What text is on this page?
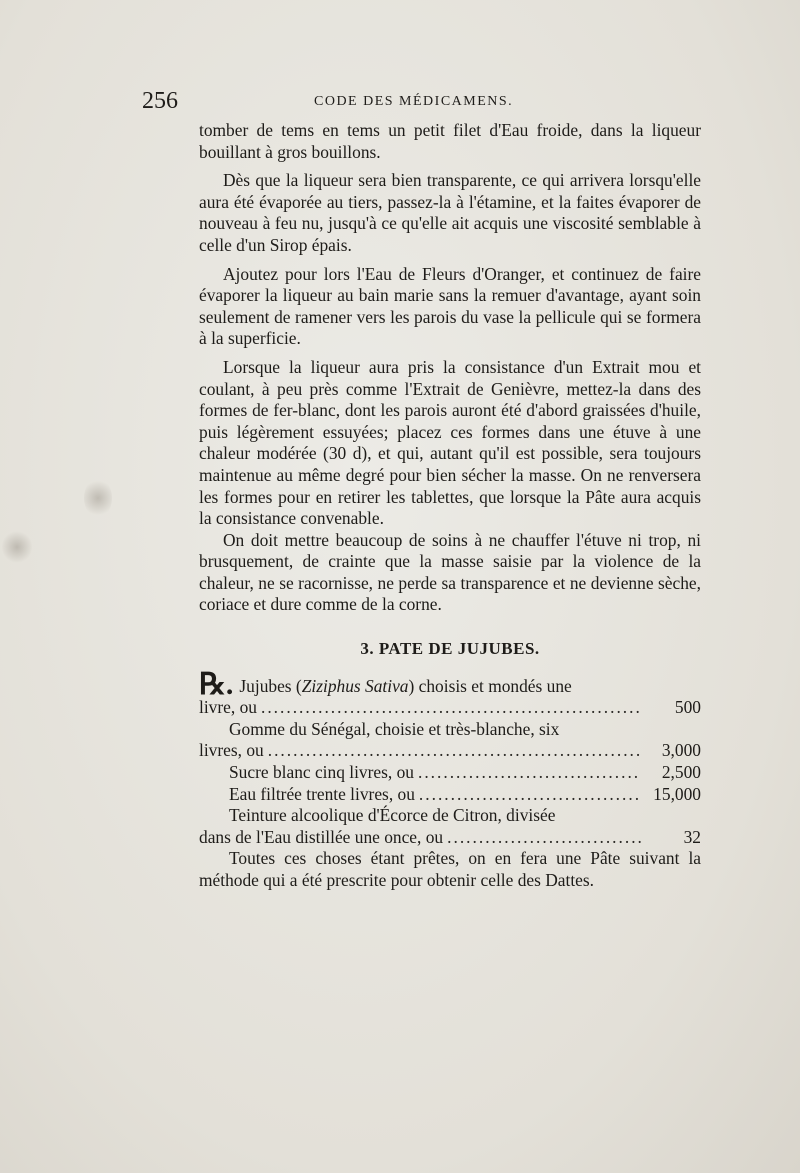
256	CODE DES MÉDICAMENS.

tomber de tems en tems un petit filet d'Eau froide, dans la liqueur bouillant à gros bouillons.

Dès que la liqueur sera bien transparente, ce qui arrivera lorsqu'elle aura été évaporée au tiers, passez-la à l'étamine, et la faites évaporer de nouveau à feu nu, jusqu'à ce qu'elle ait acquis une viscosité semblable à celle d'un Sirop épais.

Ajoutez pour lors l'Eau de Fleurs d'Oranger, et continuez de faire évaporer la liqueur au bain marie sans la remuer d'avantage, ayant soin seulement de ramener vers les parois du vase la pellicule qui se formera à la superficie.

Lorsque la liqueur aura pris la consistance d'un Extrait mou et coulant, à peu près comme l'Extrait de Genièvre, mettez-la dans des formes de fer-blanc, dont les parois auront été d'abord graissées d'huile, puis légèrement essuyées; placez ces formes dans une étuve à une chaleur modérée (30 d), et qui, autant qu'il est possible, sera toujours maintenue au même degré pour bien sécher la masse. On ne renversera les formes pour en retirer les tablettes, que lorsque la Pâte aura acquis la consistance convenable.

On doit mettre beaucoup de soins à ne chauffer l'étuve ni trop, ni brusquement, de crainte que la masse saisie par la violence de la chaleur, ne se racornisse, ne perde sa transparence et ne devienne sèche, coriace et dure comme de la corne.

3. PATE DE JUJUBES.

℞. Jujubes (Ziziphus Sativa) choisis et mondés une

livre, ou .....	500

Gomme du Sénégal, choisie et très-blanche, six

livres, ou .....	3,000

Sucre blanc cinq livres, ou .....	2,500

Eau filtrée trente livres, ou .....	15,000

Teinture alcoolique d'Écorce de Citron, divisée

dans de l'Eau distillée une once, ou .....	32

Toutes ces choses étant prêtes, on en fera une Pâte suivant la méthode qui a été prescrite pour obtenir celle des Dattes.
